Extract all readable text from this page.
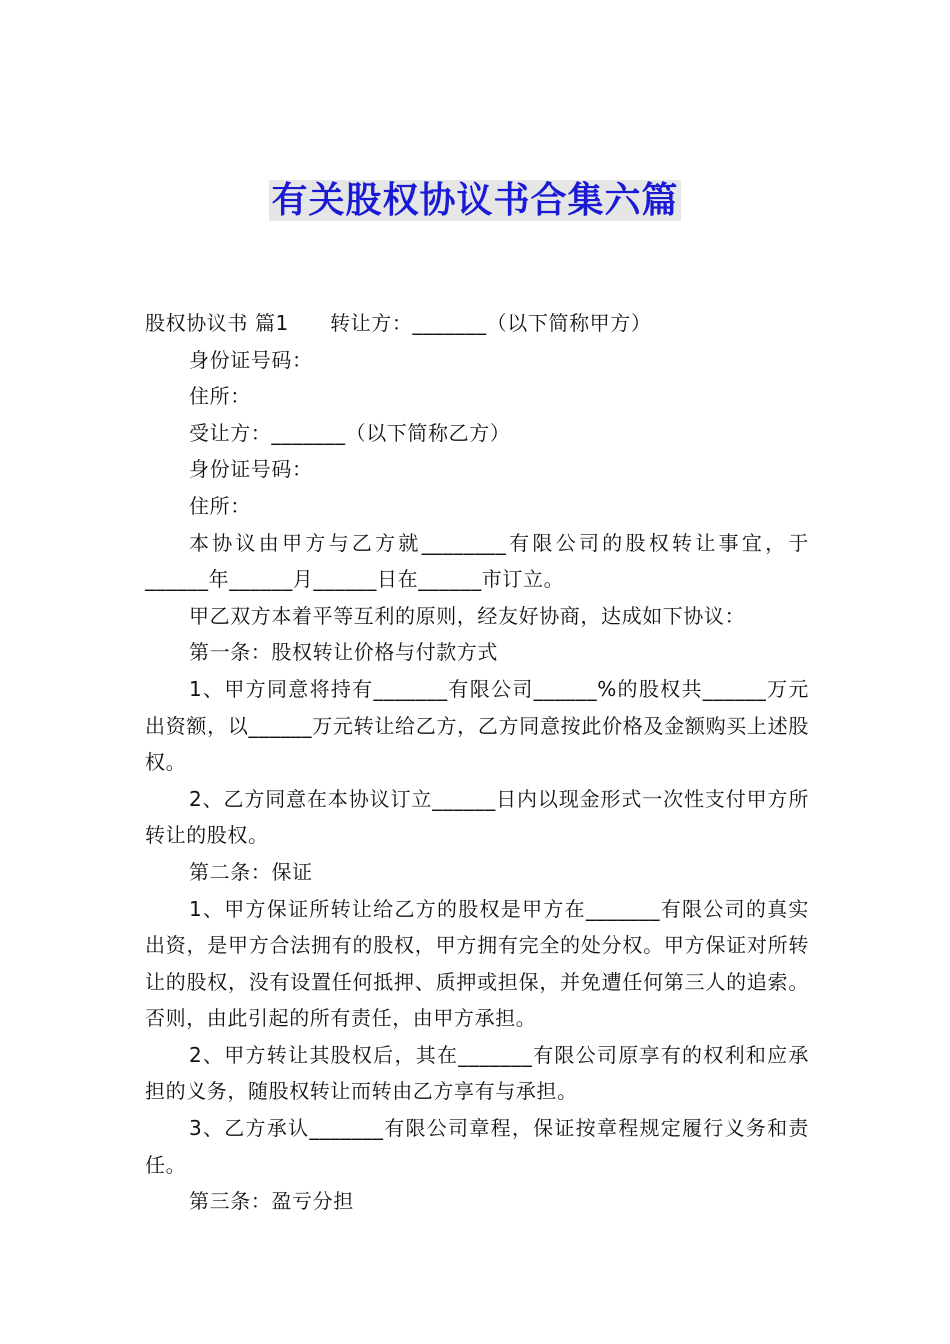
有关股权协议书合集六篇

股权协议书 篇1　　转让方：_______（以下简称甲方）

身份证号码：

住所：

受让方：_______（以下简称乙方）

身份证号码：

住所：

本协议由甲方与乙方就________有限公司的股权转让事宜，于______年______月______日在______市订立。

甲乙双方本着平等互利的原则，经友好协商，达成如下协议：

第一条：股权转让价格与付款方式

1、甲方同意将持有_______有限公司______%的股权共______万元出资额，以______万元转让给乙方，乙方同意按此价格及金额购买上述股权。

2、乙方同意在本协议订立______日内以现金形式一次性支付甲方所转让的股权。

第二条：保证

1、甲方保证所转让给乙方的股权是甲方在_______有限公司的真实出资，是甲方合法拥有的股权，甲方拥有完全的处分权。甲方保证对所转让的股权，没有设置任何抵押、质押或担保，并免遭任何第三人的追索。否则，由此引起的所有责任，由甲方承担。

2、甲方转让其股权后，其在_______有限公司原享有的权利和应承担的义务，随股权转让而转由乙方享有与承担。

3、乙方承认_______有限公司章程，保证按章程规定履行义务和责任。

第三条：盈亏分担
